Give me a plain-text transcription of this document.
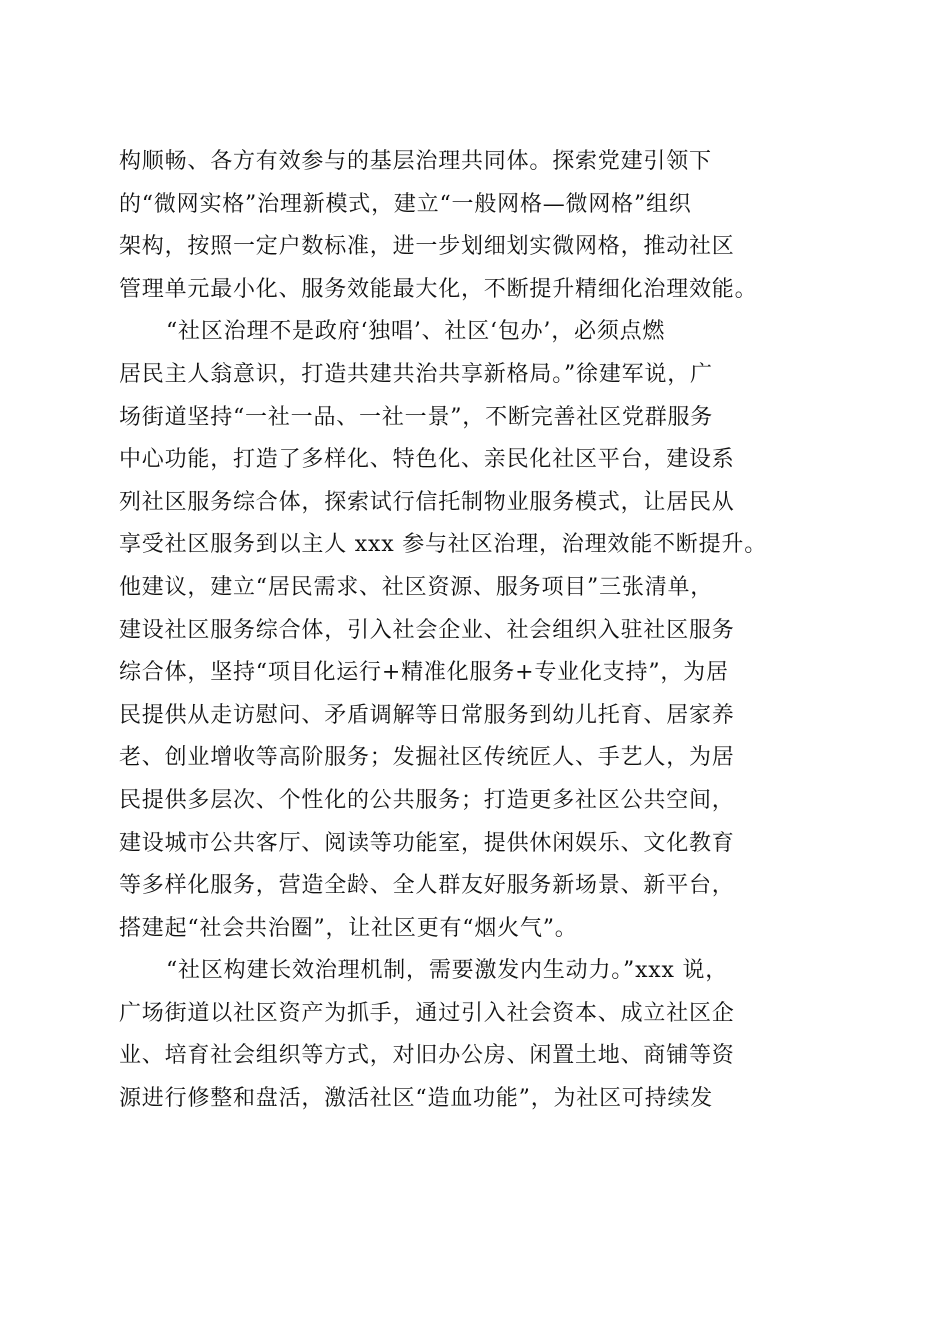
构顺畅、各方有效参与的基层治理共同体。探索党建引领下
的“微网实格”治理新模式，建立“一般网格—微网格”组织
架构，按照一定户数标准，进一步划细划实微网格，推动社区
管理单元最小化、服务效能最大化，不断提升精细化治理效能。
“社区治理不是政府‘独唱’、社区‘包办’，必须点燃
居民主人翁意识，打造共建共治共享新格局。”徐建军说，广
场街道坚持“一社一品、一社一景”，不断完善社区党群服务
中心功能，打造了多样化、特色化、亲民化社区平台，建设系
列社区服务综合体，探索试行信托制物业服务模式，让居民从
享受社区服务到以主人 xxx 参与社区治理，治理效能不断提升。
他建议，建立“居民需求、社区资源、服务项目”三张清单，
建设社区服务综合体，引入社会企业、社会组织入驻社区服务
综合体，坚持“项目化运行+精准化服务+专业化支持”，为居
民提供从走访慰问、矛盾调解等日常服务到幼儿托育、居家养
老、创业增收等高阶服务；发掘社区传统匠人、手艺人，为居
民提供多层次、个性化的公共服务；打造更多社区公共空间，
建设城市公共客厅、阅读等功能室，提供休闲娱乐、文化教育
等多样化服务，营造全龄、全人群友好服务新场景、新平台，
搭建起“社会共治圈”，让社区更有“烟火气”。
“社区构建长效治理机制，需要激发内生动力。”xxx 说，
广场街道以社区资产为抓手，通过引入社会资本、成立社区企
业、培育社会组织等方式，对旧办公房、闲置土地、商铺等资
源进行修整和盘活，激活社区“造血功能”，为社区可持续发
